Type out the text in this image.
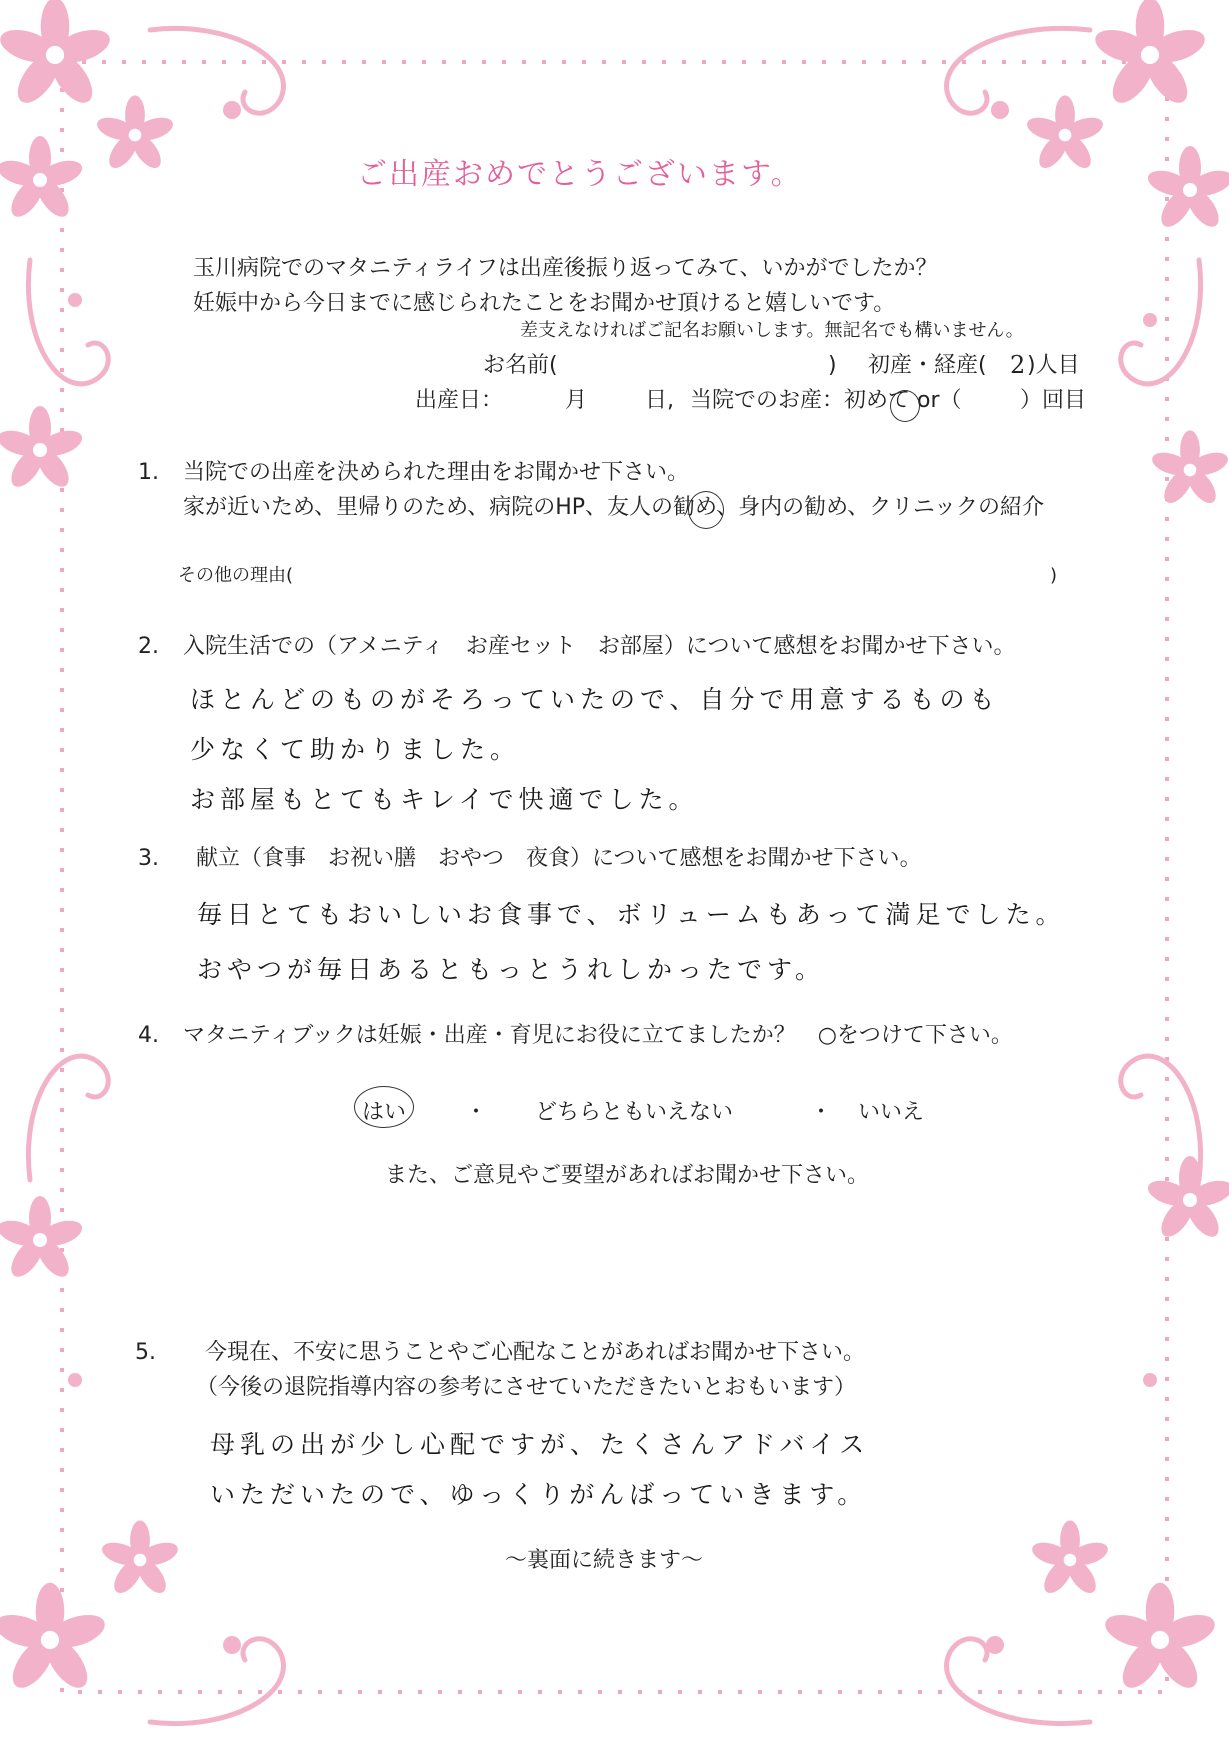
ご出産おめでとうございます。
玉川病院でのマタニティライフは出産後振り返ってみて、いかがでしたか？
妊娠中から今日までに感じられたことをお聞かせ頂けると嬉しいです。
差支えなければご記名お願いします。無記名でも構いません。
お名前(	) 初産・経産( 2 )人目
出産日：	月	日, 当院でのお産：初めて or（	）回目
1. 当院での出産を決められた理由をお聞かせ下さい。
家が近いため、里帰りのため、病院のHP、友人の勧め、身内の勧め、クリニックの紹介
その他の理由(	)
2. 入院生活での（アメニティ　お産セット　お部屋）について感想をお聞かせ下さい。
ほとんどのものがそろっていたので、自分で用意するものも
少なくて助かりました。
お部屋もとてもキレイで快適でした。
3. 献立（食事　お祝い膳　おやつ　夜食）について感想をお聞かせ下さい。
毎日とてもおいしいお食事で、ボリュームもあって満足でした。
おやつが毎日あるともっとうれしかったです。
4. マタニティブックは妊娠・出産・育児にお役に立てましたか？　○をつけて下さい。
はい	・ どちらともいえない	・ いいえ
また、ご意見やご要望があればお聞かせ下さい。
5. 今現在、不安に思うことやご心配なことがあればお聞かせ下さい。
（今後の退院指導内容の参考にさせていただきたいとおもいます）
母乳の出が少し心配ですが、たくさんアドバイス
いただいたので、ゆっくりがんばっていきます。
～裏面に続きます～
